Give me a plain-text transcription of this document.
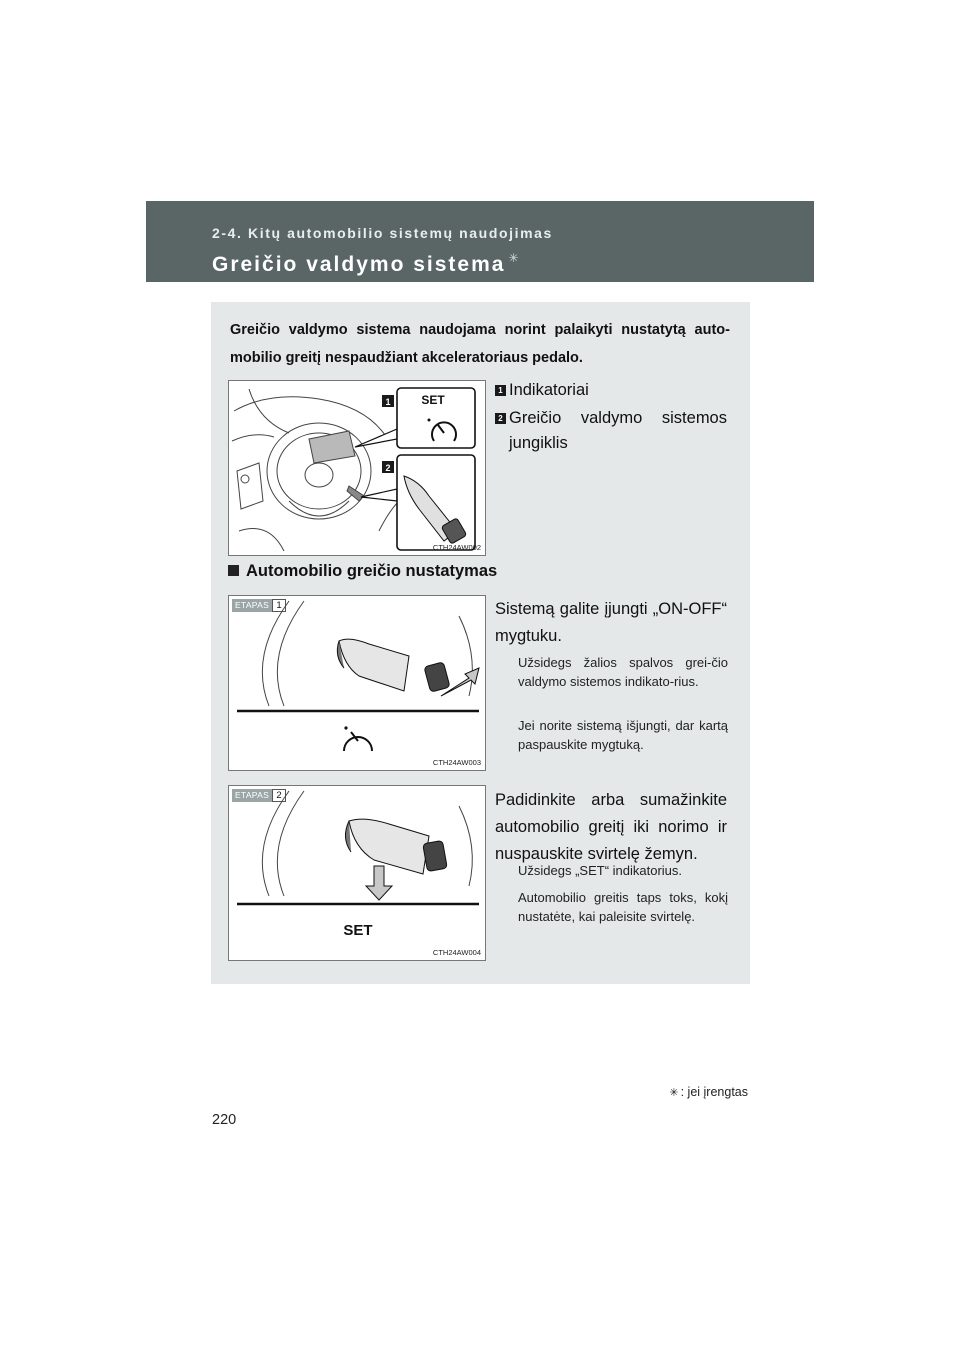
2-4. Kitų automobilio sistemų naudojimas
Greičio valdymo sistema ✳
Greičio valdymo sistema naudojama norint palaikyti nustatytą auto-mobilio greitį nespaudžiant akceleratoriaus pedalo.
1	SET
2
CTH24AW002
1 Indikatoriai
2 Greičio valdymo sistemos jungiklis
Automobilio greičio nustatymas
ETAPAS 1
CTH24AW003
Sistemą galite įjungti „ON-OFF“ mygtuku.
Užsidegs žalios spalvos grei-čio valdymo sistemos indikato-rius.
Jei norite sistemą išjungti, dar kartą paspauskite mygtuką.
ETAPAS 2
SET
CTH24AW004
Padidinkite arba sumažinkite automobilio greitį iki norimo ir nuspauskite svirtelę žemyn.
Užsidegs „SET“ indikatorius.
Automobilio greitis taps toks, kokį nustatėte, kai paleisite svirtelę.
✳ : jei įrengtas
220
